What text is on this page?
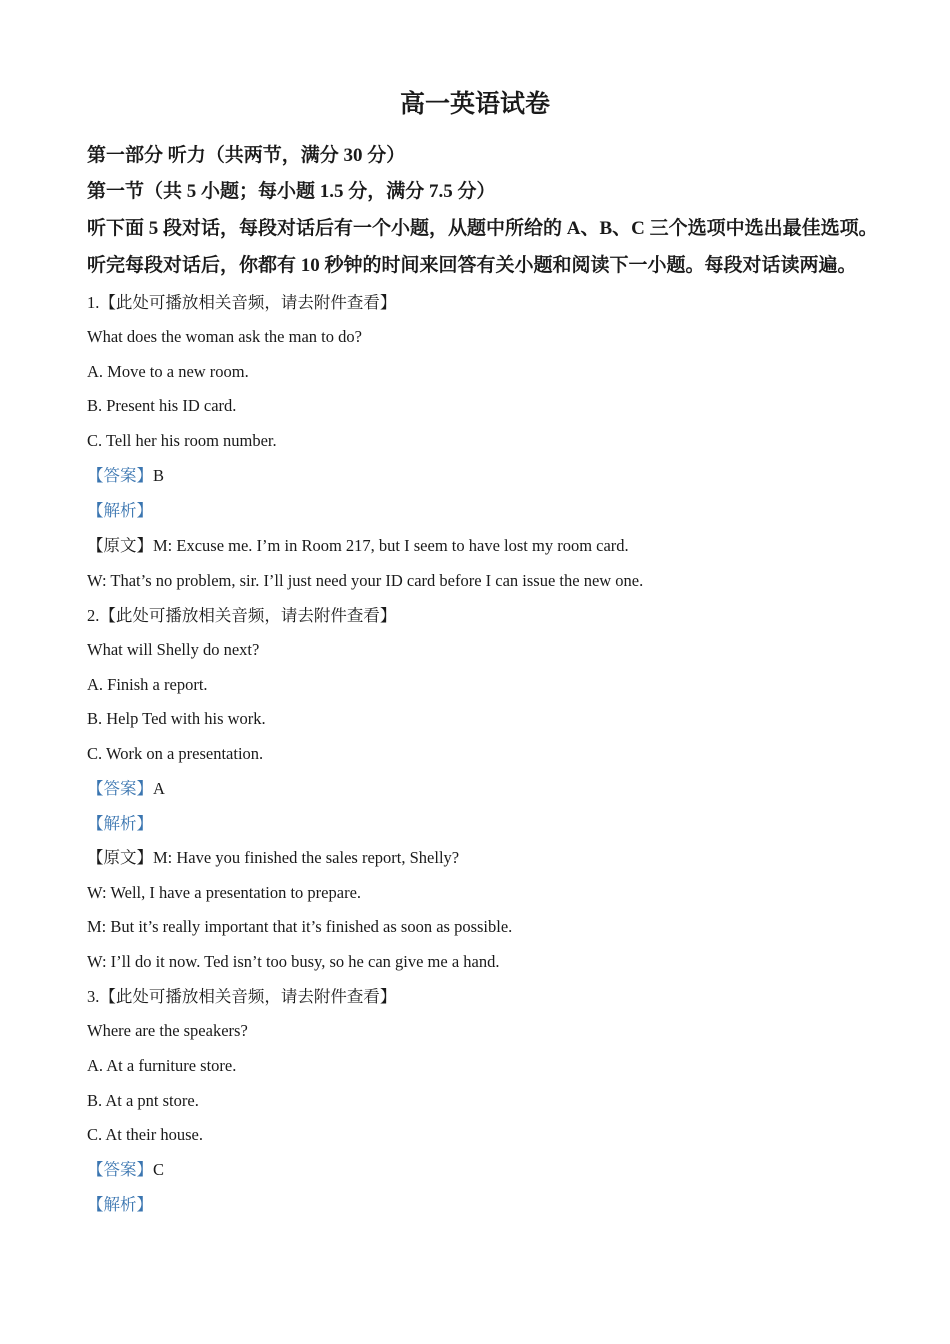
高一英语试卷
第一部分 听力（共两节，满分 30 分）
第一节（共 5 小题；每小题 1.5 分，满分 7.5 分）
听下面 5 段对话，每段对话后有一个小题，从题中所给的 A、B、C 三个选项中选出最佳选项。
听完每段对话后，你都有 10 秒钟的时间来回答有关小题和阅读下一小题。每段对话读两遍。
1.【此处可播放相关音频，请去附件查看】
What does the woman ask the man to do?
A. Move to a new room.
B. Present his ID card.
C. Tell her his room number.
【答案】B
【解析】
【原文】M: Excuse me. I’m in Room 217, but I seem to have lost my room card.
W: That’s no problem, sir. I’ll just need your ID card before I can issue the new one.
2.【此处可播放相关音频，请去附件查看】
What will Shelly do next?
A. Finish a report.
B. Help Ted with his work.
C. Work on a presentation.
【答案】A
【解析】
【原文】M: Have you finished the sales report, Shelly?
W: Well, I have a presentation to prepare.
M: But it’s really important that it’s finished as soon as possible.
W: I’ll do it now. Ted isn’t too busy, so he can give me a hand.
3.【此处可播放相关音频，请去附件查看】
Where are the speakers?
A. At a furniture store.
B. At a pnt store.
C. At their house.
【答案】C
【解析】
